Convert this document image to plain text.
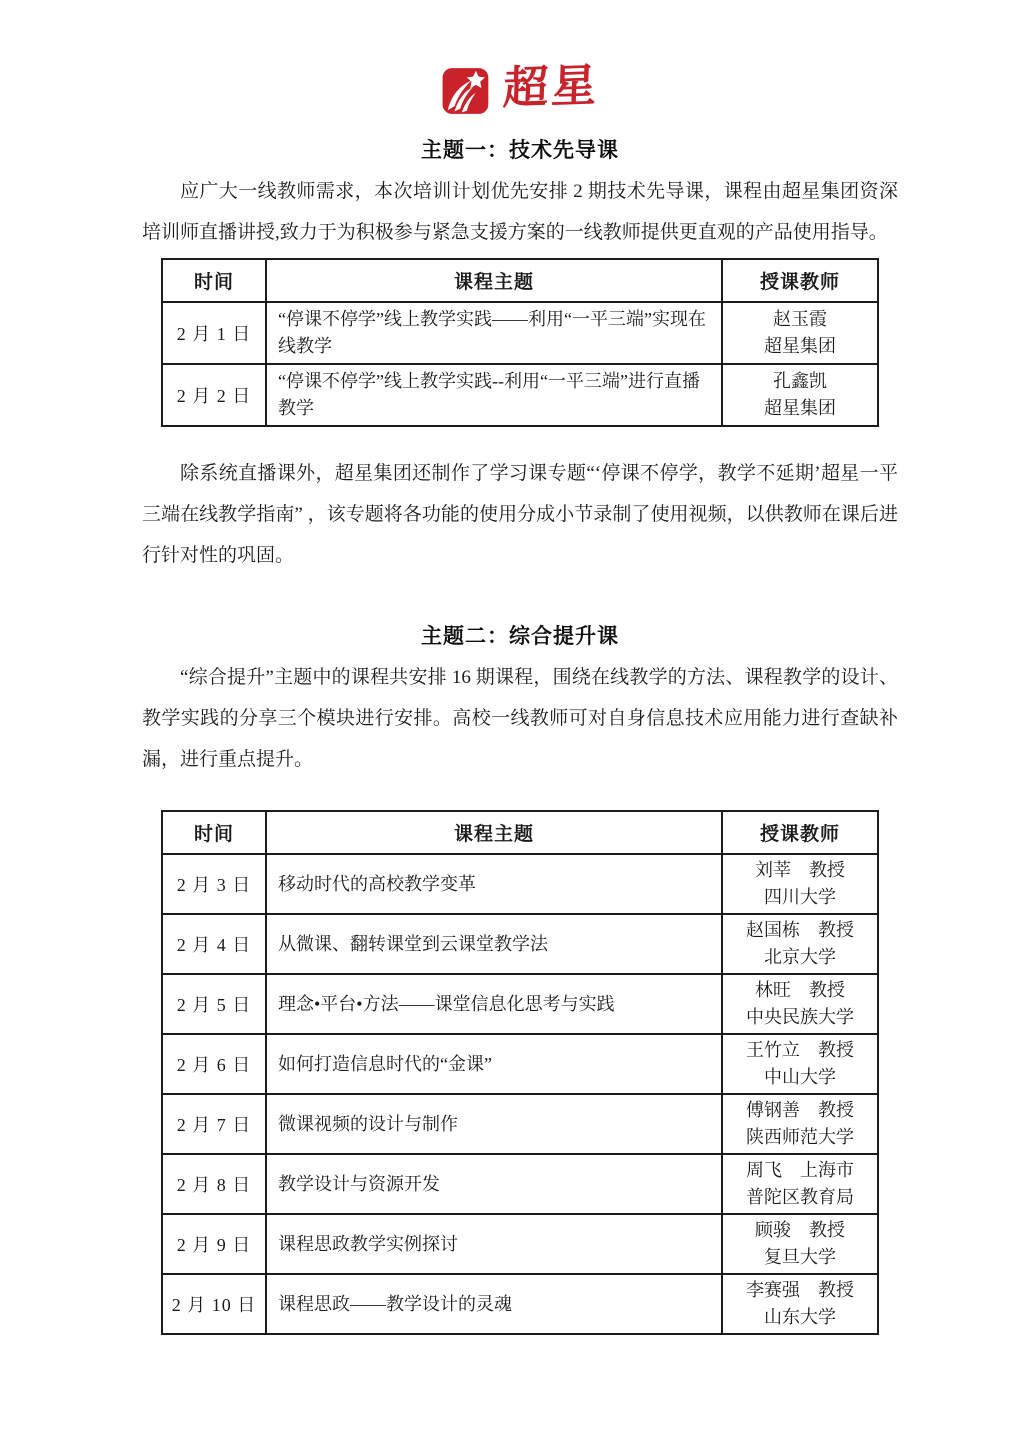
超星
主题一：技术先导课

应广大一线教师需求，本次培训计划优先安排 2 期技术先导课，课程由超星集团资深培训师直播讲授,致力于为积极参与紧急支援方案的一线教师提供更直观的产品使用指导。

时间	课程主题	授课教师
2 月 1 日	“停课不停学”线上教学实践——利用“一平三端”实现在线教学	赵玉霞
超星集团

2 月 2 日	“停课不停学”线上教学实践--利用“一平三端”进行直播教学	孔鑫凯
超星集团

除系统直播课外，超星集团还制作了学习课专题“‘停课不停学，教学不延期’超星一平三端在线教学指南” ，该专题将各功能的使用分成小节录制了使用视频，以供教师在课后进行针对性的巩固。

主题二：综合提升课

“综合提升”主题中的课程共安排 16 期课程，围绕在线教学的方法、课程教学的设计、教学实践的分享三个模块进行安排。高校一线教师可对自身信息技术应用能力进行查缺补漏，进行重点提升。

时间	课程主题	授课教师
2 月 3 日	移动时代的高校教学变革	刘莘　教授
四川大学

2 月 4 日	从微课、翻转课堂到云课堂教学法	赵国栋　教授
北京大学

2 月 5 日	理念•平台•方法——课堂信息化思考与实践	林旺　教授
中央民族大学

2 月 6 日	如何打造信息时代的“金课”	王竹立　教授
中山大学

2 月 7 日	微课视频的设计与制作	傅钢善　教授
陕西师范大学

2 月 8 日	教学设计与资源开发	周飞　上海市
普陀区教育局

2 月 9 日	课程思政教学实例探讨	顾骏　教授
复旦大学

2 月 10 日	课程思政——教学设计的灵魂	李赛强　教授
山东大学
